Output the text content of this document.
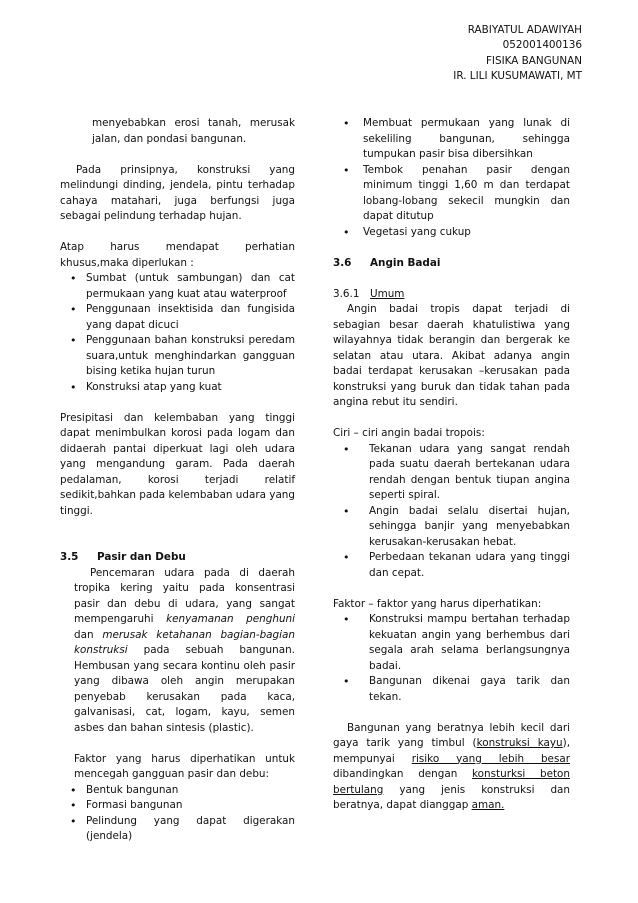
RABIYATUL ADAWIYAH
052001400136
FISIKA BANGUNAN
IR. LILI KUSUMAWATI, MT

menyebabkan erosi tanah, merusak jalan, dan pondasi bangunan.

Pada prinsipnya, konstruksi yang melindungi dinding, jendela, pintu terhadap cahaya matahari, juga berfungsi juga sebagai pelindung terhadap hujan.

Atap harus mendapat perhatian khusus,maka diperlukan :

• Sumbat (untuk sambungan) dan cat permukaan yang kuat atau waterproof
• Penggunaan insektisida dan fungisida yang dapat dicuci
• Penggunaan bahan konstruksi peredam suara,untuk menghindarkan gangguan bising ketika hujan turun
• Konstruksi atap yang kuat

Presipitasi dan kelembaban yang tinggi dapat menimbulkan korosi pada logam dan didaerah pantai diperkuat lagi oleh udara yang mengandung garam. Pada daerah pedalaman, korosi terjadi relatif sedikit,bahkan pada kelembaban udara yang tinggi.

3.5 Pasir dan Debu

Pencemaran udara pada di daerah tropika kering yaitu pada konsentrasi pasir dan debu di udara, yang sangat mempengaruhi kenyamanan penghuni dan merusak ketahanan bagian-bagian konstruksi pada sebuah bangunan. Hembusan yang secara kontinu oleh pasir yang dibawa oleh angin merupakan penyebab kerusakan pada kaca, galvanisasi, cat, logam, kayu, semen asbes dan bahan sintesis (plastic).

Faktor yang harus diperhatikan untuk mencegah gangguan pasir dan debu:

• Bentuk bangunan
• Formasi bangunan
• Pelindung yang dapat digerakan (jendela)
• Membuat permukaan yang lunak di sekeliling bangunan, sehingga tumpukan pasir bisa dibersihkan
• Tembok penahan pasir dengan minimum tinggi 1,60 m dan terdapat lobang-lobang sekecil mungkin dan dapat ditutup
• Vegetasi yang cukup
3.6 Angin Badai
3.6.1 Umum

Angin badai tropis dapat terjadi di sebagian besar daerah khatulistiwa yang wilayahnya tidak berangin dan bergerak ke selatan atau utara. Akibat adanya angin badai terdapat kerusakan –kerusakan pada konstruksi yang buruk dan tidak tahan pada angina rebut itu sendiri.

Ciri – ciri angin badai tropois:

• Tekanan udara yang sangat rendah pada suatu daerah bertekanan udara rendah dengan bentuk tiupan angina seperti spiral.
• Angin badai selalu disertai hujan, sehingga banjir yang menyebabkan kerusakan-kerusakan hebat.
• Perbedaan tekanan udara yang tinggi dan cepat.

Faktor – faktor yang harus diperhatikan:

• Konstruksi mampu bertahan terhadap kekuatan angin yang berhembus dari segala arah selama berlangsungnya badai.
• Bangunan dikenai gaya tarik dan tekan.

Bangunan yang beratnya lebih kecil dari gaya tarik yang timbul (konstruksi kayu), mempunyai risiko yang lebih besar dibandingkan dengan konsturksi beton bertulang yang jenis konstruksi dan beratnya, dapat dianggap aman.
